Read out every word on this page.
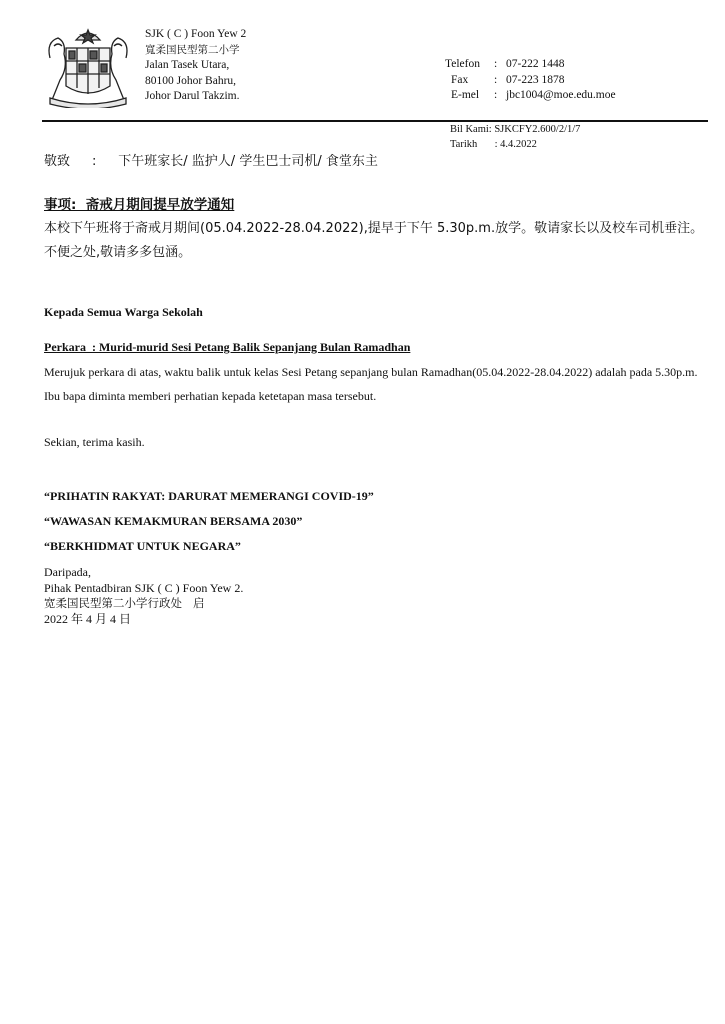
SJK ( C ) Foon Yew 2
寬柔国民型第二小学
Jalan Tasek Utara,
80100 Johor Bahru,
Johor Darul Takzim.
Telefon	: 07-222 1448
Fax	: 07-223 1878
E-mel	: jbc1004@moe.edu.moe
Bil Kami : SJKCFY2.600/2/1/7
Tarikh	: 4.4.2022
敬致 : 下午班家长/ 监护人/ 学生巴士司机/ 食堂东主
事项:  斋戒月期间提早放学通知
本校下午班将于斋戒月期间(05.04.2022-28.04.2022),提早于下午 5.30p.m.放学。敬请家长以及校车司机垂注。不便之处,敬请多多包涵。
Kepada Semua Warga Sekolah
Perkara  : Murid-murid Sesi Petang Balik Sepanjang Bulan Ramadhan
Merujuk perkara di atas, waktu balik untuk kelas Sesi Petang sepanjang bulan Ramadhan(05.04.2022-28.04.2022) adalah pada 5.30p.m. Ibu bapa diminta memberi perhatian kepada ketetapan masa tersebut.
Sekian, terima kasih.
“PRIHATIN RAKYAT: DARURAT MEMERANGI COVID-19”
“WAWASAN KEMAKMURAN BERSAMA 2030”
“BERKHIDMAT UNTUK NEGARA”
Daripada,
Pihak Pentadbiran SJK ( C ) Foon Yew 2.
宽柔国民型第二小学行政处   启
2022 年 4 月 4 日
